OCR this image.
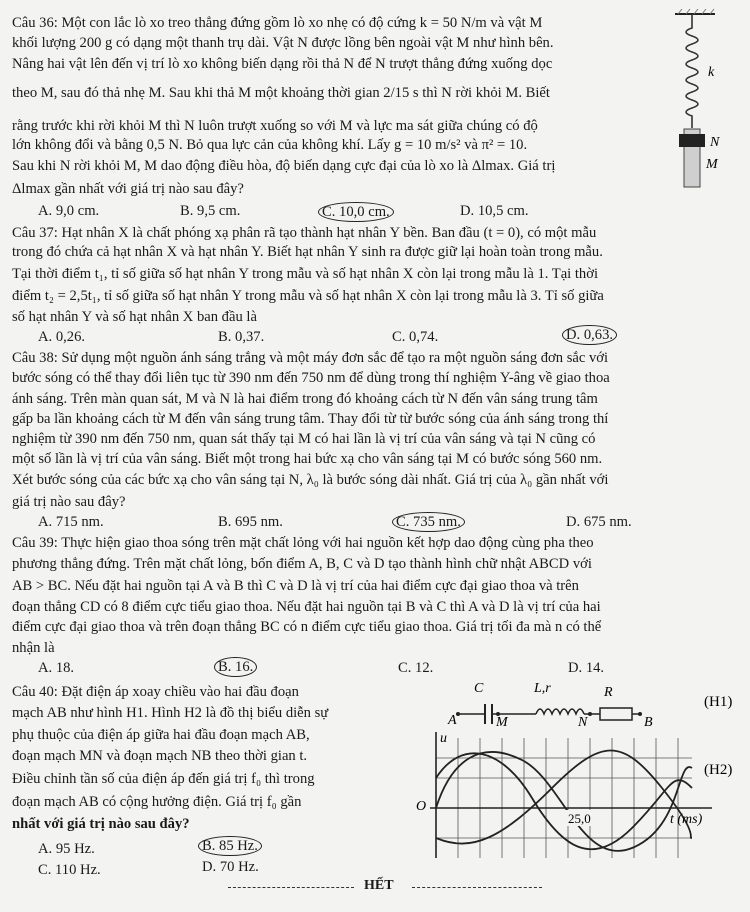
Câu 36: Một con lắc lò xo treo thẳng đứng gồm lò xo nhẹ có độ cứng k = 50 N/m và vật M
khối lượng 200 g có dạng một thanh trụ dài. Vật N được lồng bên ngoài vật M như hình bên.
Nâng hai vật lên đến vị trí lò xo không biến dạng rồi thả N để N trượt thẳng đứng xuống dọc
theo M, sau đó thả nhẹ M. Sau khi thả M một khoảng thời gian 2/15 s thì N rời khỏi M. Biết
rằng trước khi rời khỏi M thì N luôn trượt xuống so với M và lực ma sát giữa chúng có độ
lớn không đổi và bằng 0,5 N. Bỏ qua lực cản của không khí. Lấy g = 10 m/s² và π² = 10.
Sau khi N rời khỏi M, M dao động điều hòa, độ biến dạng cực đại của lò xo là Δlmax. Giá trị
Δlmax gần nhất với giá trị nào sau đây?
A. 9,0 cm.	B. 9,5 cm.	C. 10,0 cm.	D. 10,5 cm.
k
N
M
Câu 37: Hạt nhân X là chất phóng xạ phân rã tạo thành hạt nhân Y bền. Ban đầu (t = 0), có một mẫu
trong đó chứa cả hạt nhân X và hạt nhân Y. Biết hạt nhân Y sinh ra được giữ lại hoàn toàn trong mẫu.
Tại thời điểm t₁, tỉ số giữa số hạt nhân Y trong mẫu và số hạt nhân X còn lại trong mẫu là 1. Tại thời
điểm t₂ = 2,5t₁, tỉ số giữa số hạt nhân Y trong mẫu và số hạt nhân X còn lại trong mẫu là 3. Tỉ số giữa
số hạt nhân Y và số hạt nhân X ban đầu là
A. 0,26.	B. 0,37.	C. 0,74.	D. 0,63.
Câu 38: Sử dụng một nguồn ánh sáng trắng và một máy đơn sắc để tạo ra một nguồn sáng đơn sắc với
bước sóng có thể thay đổi liên tục từ 390 nm đến 750 nm để dùng trong thí nghiệm Y-âng về giao thoa
ánh sáng. Trên màn quan sát, M và N là hai điểm trong đó khoảng cách từ N đến vân sáng trung tâm
gấp ba lần khoảng cách từ M đến vân sáng trung tâm. Thay đổi từ từ bước sóng của ánh sáng trong thí
nghiệm từ 390 nm đến 750 nm, quan sát thấy tại M có hai lần là vị trí của vân sáng và tại N cũng có
một số lần là vị trí của vân sáng. Biết một trong hai bức xạ cho vân sáng tại M có bước sóng 560 nm.
Xét bước sóng của các bức xạ cho vân sáng tại N, λ₀ là bước sóng dài nhất. Giá trị của λ₀ gần nhất với
giá trị nào sau đây?
A. 715 nm.	B. 695 nm.	C. 735 nm.	D. 675 nm.
Câu 39: Thực hiện giao thoa sóng trên mặt chất lỏng với hai nguồn kết hợp dao động cùng pha theo
phương thẳng đứng. Trên mặt chất lỏng, bốn điểm A, B, C và D tạo thành hình chữ nhật ABCD với
AB > BC. Nếu đặt hai nguồn tại A và B thì C và D là vị trí của hai điểm cực đại giao thoa và trên
đoạn thẳng CD có 8 điểm cực tiểu giao thoa. Nếu đặt hai nguồn tại B và C thì A và D là vị trí của hai
điểm cực đại giao thoa và trên đoạn thẳng BC có n điểm cực tiểu giao thoa. Giá trị tối đa mà n có thể
nhận là
A. 18.	B. 16.	C. 12.	D. 14.
Câu 40: Đặt điện áp xoay chiều vào hai đầu đoạn
mạch AB như hình H1. Hình H2 là đồ thị biểu diễn sự
phụ thuộc của điện áp giữa hai đầu đoạn mạch AB,
đoạn mạch MN và đoạn mạch NB theo thời gian t.
Điều chỉnh tần số của điện áp đến giá trị f₀ thì trong
đoạn mạch AB có cộng hưởng điện. Giá trị f₀ gần
nhất với giá trị nào sau đây?
A. 95 Hz.	B. 85 Hz.
C. 110 Hz.	D. 70 Hz.
A
C
M
L,r
N
R
B
(H1)
u
O
25,0	t (ms)
(H2)
HẾT
